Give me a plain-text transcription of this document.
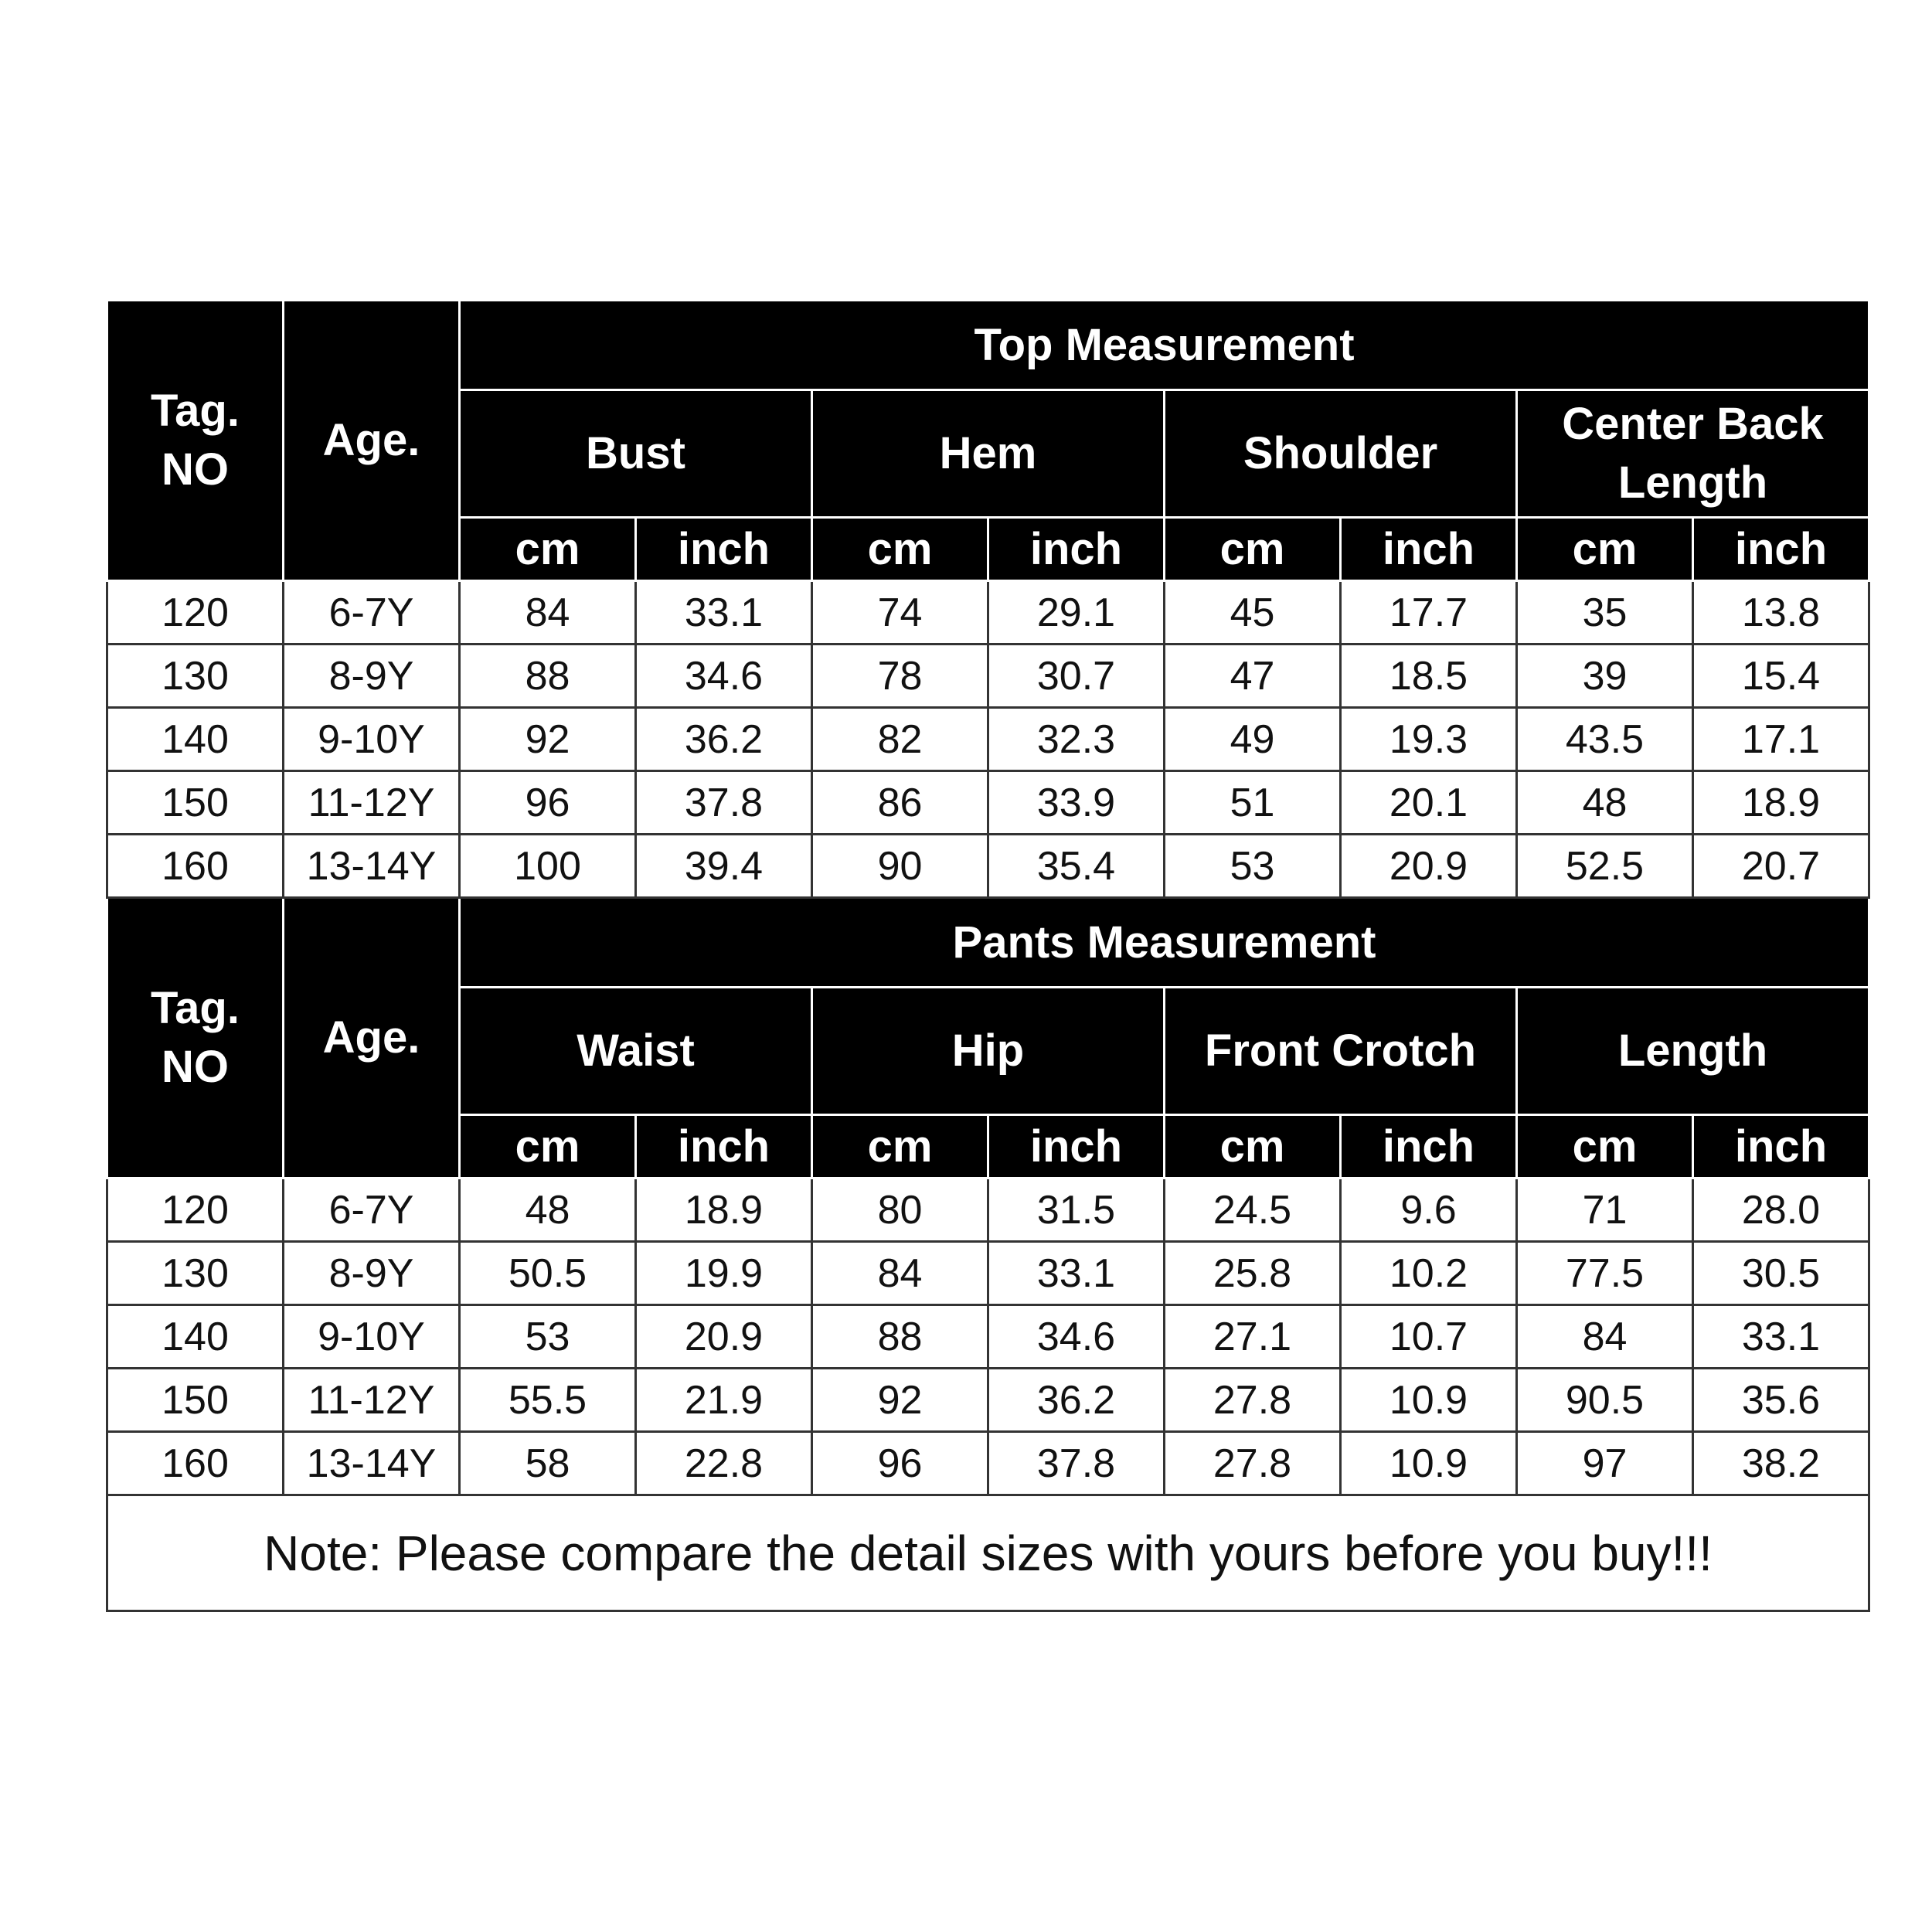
Tag.
NO	Age.	Top Measurement							
		Bust		Hem		Shoulder		Center Back
Length	
		cm	inch	cm	inch	cm	inch	cm	inch
120	6-7Y	84	33.1	74	29.1	45	17.7	35	13.8
130	8-9Y	88	34.6	78	30.7	47	18.5	39	15.4
140	9-10Y	92	36.2	82	32.3	49	19.3	43.5	17.1
150	11-12Y	96	37.8	86	33.9	51	20.1	48	18.9
160	13-14Y	100	39.4	90	35.4	53	20.9	52.5	20.7
Tag.
NO	Age.	Pants Measurement							
		Waist		Hip		Front Crotch		Length	
		cm	inch	cm	inch	cm	inch	cm	inch
120	6-7Y	48	18.9	80	31.5	24.5	9.6	71	28.0
130	8-9Y	50.5	19.9	84	33.1	25.8	10.2	77.5	30.5
140	9-10Y	53	20.9	88	34.6	27.1	10.7	84	33.1
150	11-12Y	55.5	21.9	92	36.2	27.8	10.9	90.5	35.6
160	13-14Y	58	22.8	96	37.8	27.8	10.9	97	38.2
Note: Please compare the detail sizes with yours before you buy!!!									
